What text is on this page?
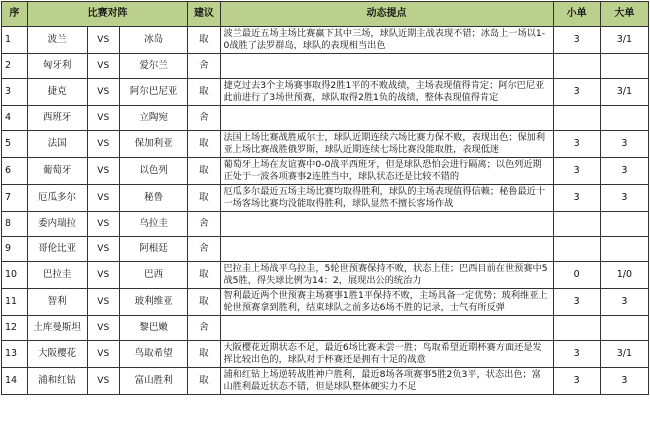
序	比赛对阵			建议	动态提点	小单	大单
1	波兰	VS	冰岛	取	波兰最近五场主场比赛赢下其中三场，球队近期主战表现不错；冰岛上一场以1-0战胜了法罗群岛，球队的表现相当出色	3	3/1
2	匈牙利	VS	爱尔兰	舍			
3	捷克	VS	阿尔巴尼亚	取	捷克过去3个主场赛事取得2胜1平的不败战绩，主场表现值得肯定；阿尔巴尼亚此前进行了3场世预赛，球队取得2胜1负的战绩，整体表现值得肯定	3	3/1
4	西班牙	VS	立陶宛	舍			
5	法国	VS	保加利亚	取	法国上场比赛战胜威尔士，球队近期连续六场比赛力保不败，表现出色；保加利亚上场比赛战胜俄罗斯，球队近期连续七场比赛没能取胜，表现低迷	3	3
6	葡萄牙	VS	以色列	取	葡萄牙上场在友谊赛中0-0战平西班牙，但是球队恐怕会进行隔离；以色列近期正处于一波各项赛事2连胜当中，球队状态还是比较不错的	3	3
7	厄瓜多尔	VS	秘鲁	取	厄瓜多尔最近五场主场比赛均取得胜利，球队的主场表现值得信赖；秘鲁最近十一场客场比赛均没能取得胜利，球队显然不擅长客场作战	3	3
8	委内瑞拉	VS	乌拉圭	舍			
9	哥伦比亚	VS	阿根廷	舍			
10	巴拉圭	VS	巴西	取	巴拉圭上场战平乌拉圭，5轮世预赛保持不败，状态上佳；巴西目前在世预赛中5战5胜，得失球比例为14：2，展现出公的统治力	0	1/0
11	智利	VS	玻利维亚	取	智利最近两个世预赛主场赛事1胜1平保持不败，主场具备一定优势；玻利维亚上轮世预赛拿到胜利，结束球队之前多达6场不胜的记录，士气有所反弹	3	3
12	土库曼斯坦	VS	黎巴嫩	舍			
13	大阪樱花	VS	鸟取希望	取	大阪樱花近期状态不足，最近6场比赛未尝一胜；鸟取希望近期杯赛方面还是发挥比较出色的，球队对于杯赛还是拥有十足的战意	3	3/1
14	浦和红钻	VS	富山胜利	取	浦和红钻上场逆转战胜神户胜利，最近8场各项赛事5胜2负3平，状态出色；富山胜利最近状态不错，但是球队整体硬实力不足	3	3
